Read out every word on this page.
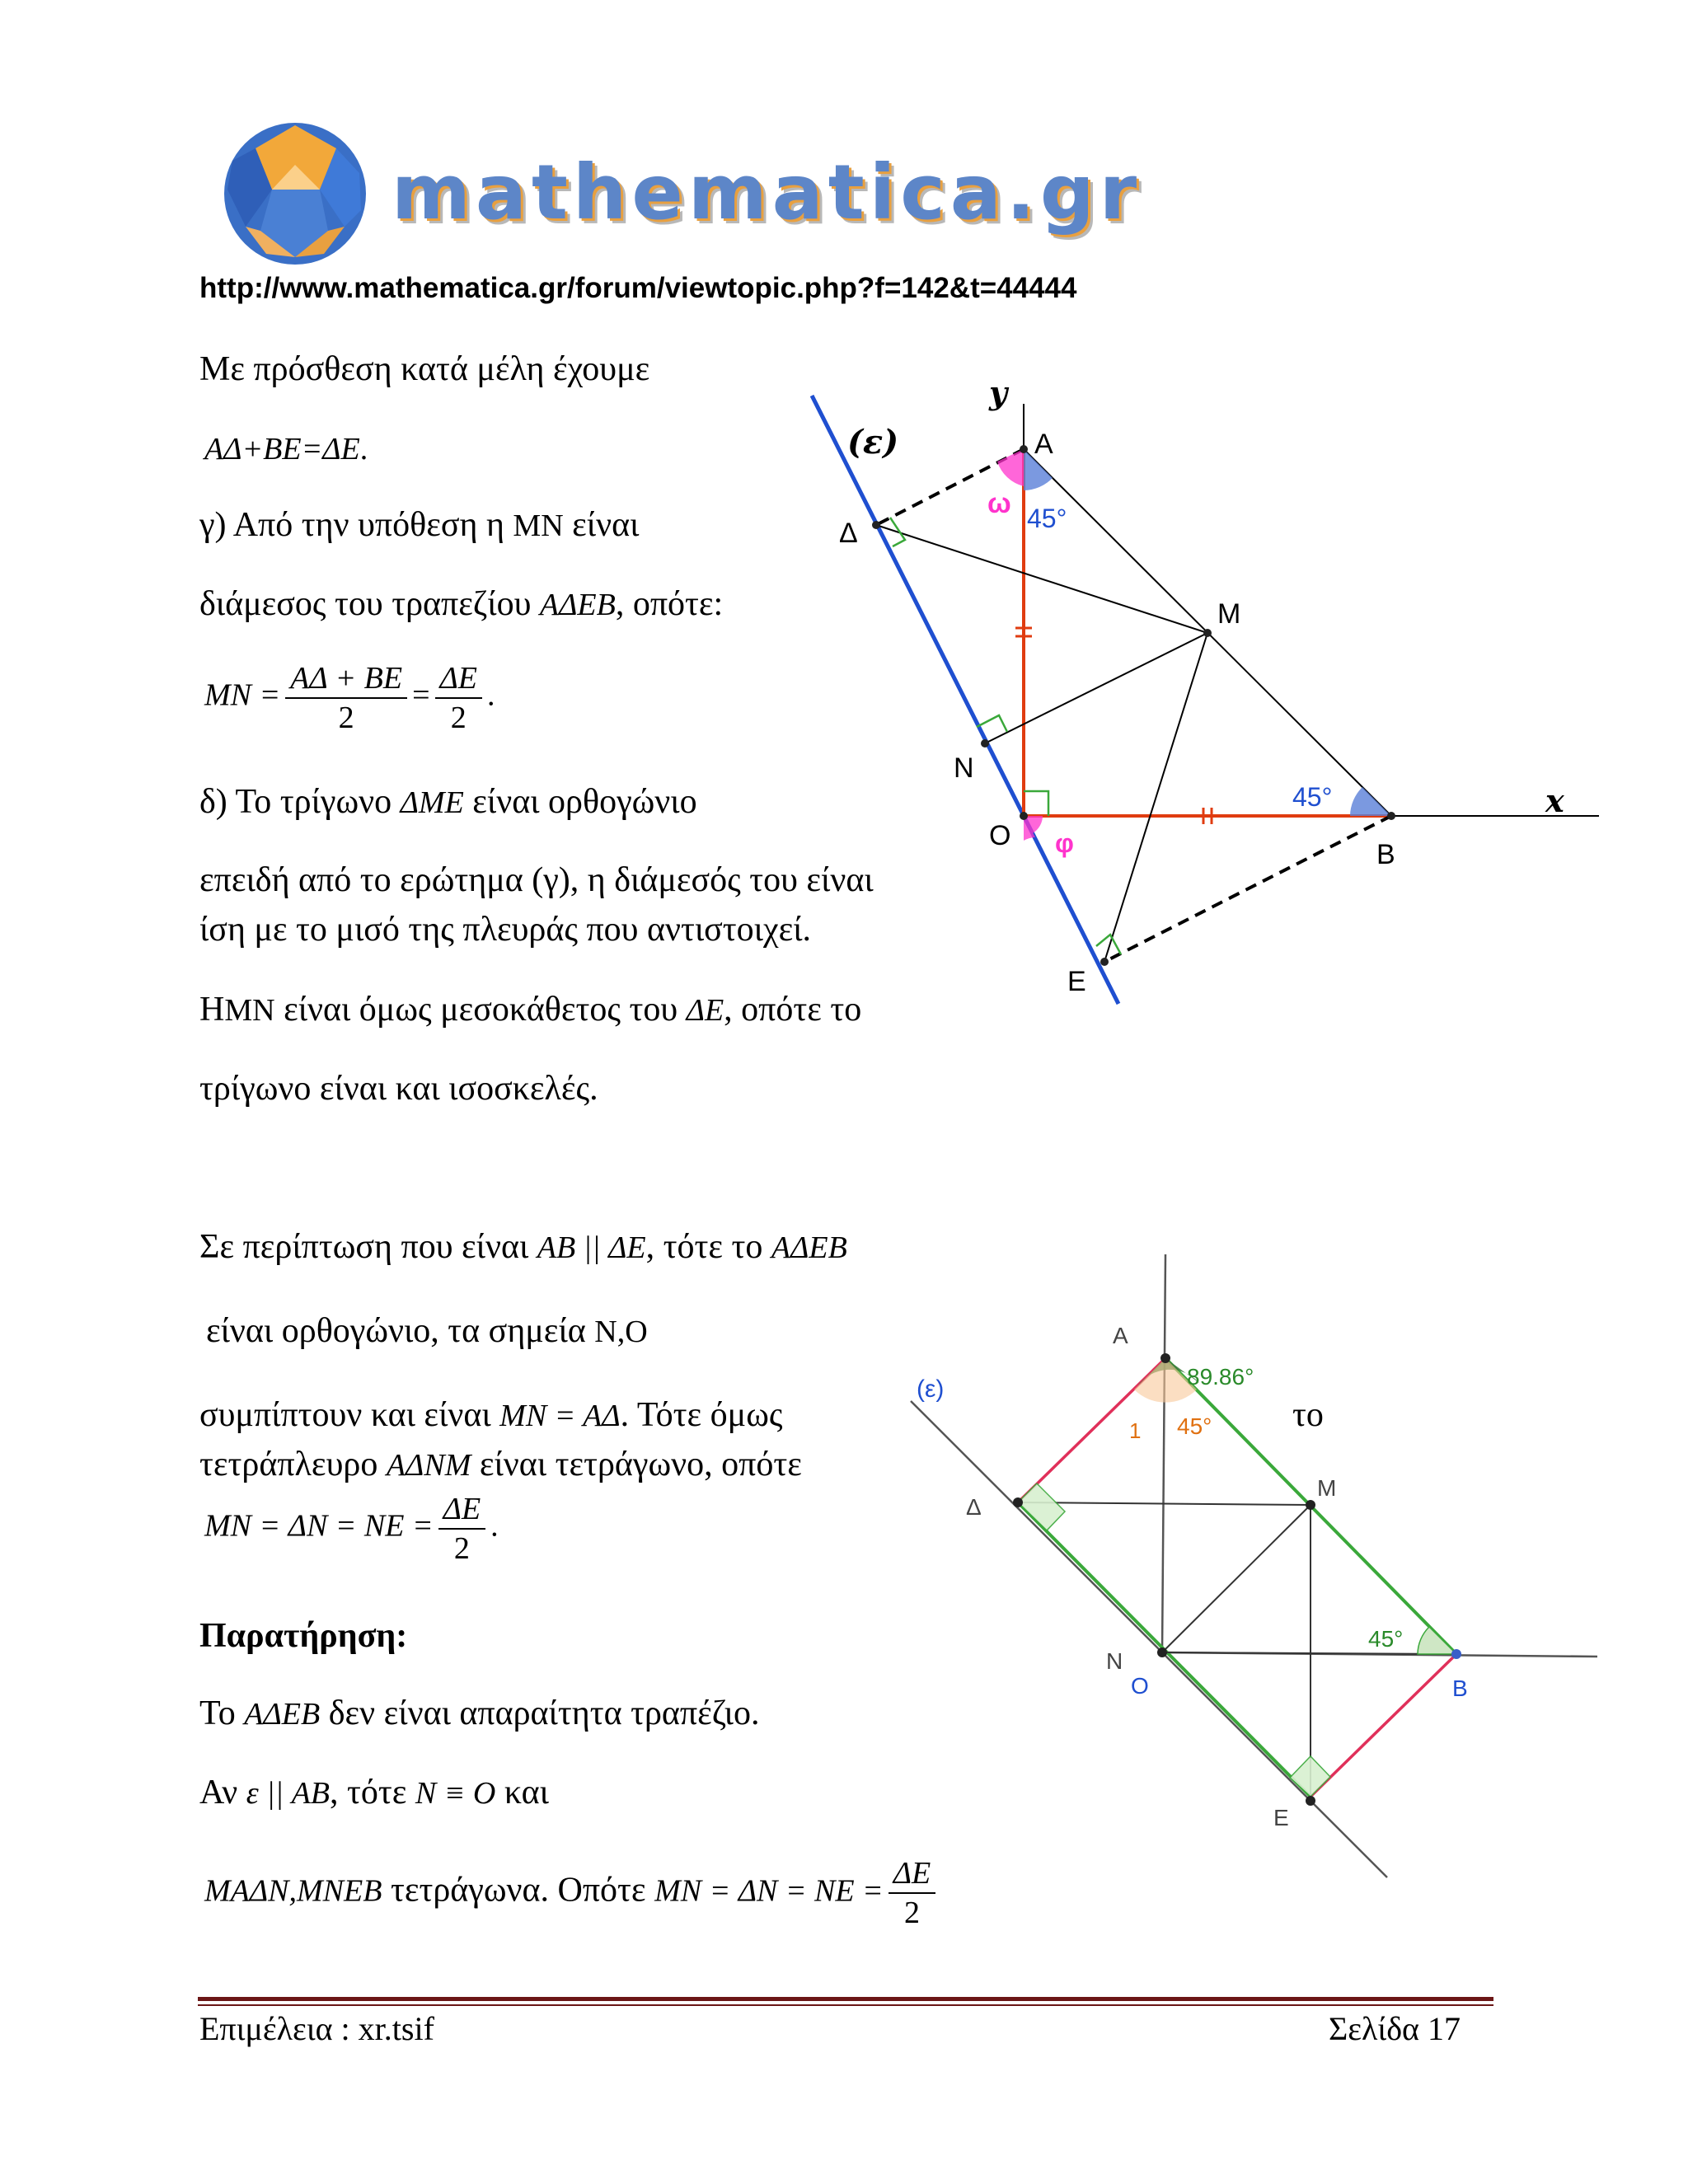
mathematica.gr
http://www.mathematica.gr/forum/viewtopic.php?f=142&t=44444
Με πρόσθεση κατά μέλη έχουμε
ΑΔ+ΒΕ=ΔΕ.
γ) Από την υπόθεση η ΜΝ είναι
διάμεσος του τραπεζίου ΑΔΕΒ, οπότε:
MN = $\frac{A\Delta + BE}{2} = \frac{\Delta E}{2}$ .
δ) Το τρίγωνο ΔΜΕ είναι ορθογώνιο
επειδή από το ερώτημα (γ), η διάμεσός του είναι
ίση με το μισό της πλευράς που αντιστοιχεί.
ΗΜΝ είναι όμως μεσοκάθετος του ΔΕ, οπότε το
τρίγωνο είναι και ισοσκελές.
Σε περίπτωση που είναι AB || ΔΕ, τότε το ΑΔΕΒ
είναι ορθογώνιο, τα σημεία N,O
συμπίπτουν και είναι ΜΝ = ΑΔ. Τότε όμως	το
τετράπλευρο ΑΔΝΜ είναι τετράγωνο, οπότε
MN = ΔN = NE = $\frac{\Delta E}{2}$ .
Παρατήρηση:
Το ΑΔΕΒ δεν είναι απαραίτητα τραπέζιο.
Αν ε || AB, τότε N ≡ O και
ΜΑΔΝ,ΜΝΕΒ τετράγωνα. Οπότε MN = ΔN = NE = $\frac{\Delta E}{2}$
(ε)
y
x
A
Δ
M
N
O
B
E
ω
φ
45°
45°
(ε)
A
Δ
M
N
O	B
E
89.86°
1 45°
45°
Επιμέλεια : xr.tsif	Σελίδα 17
